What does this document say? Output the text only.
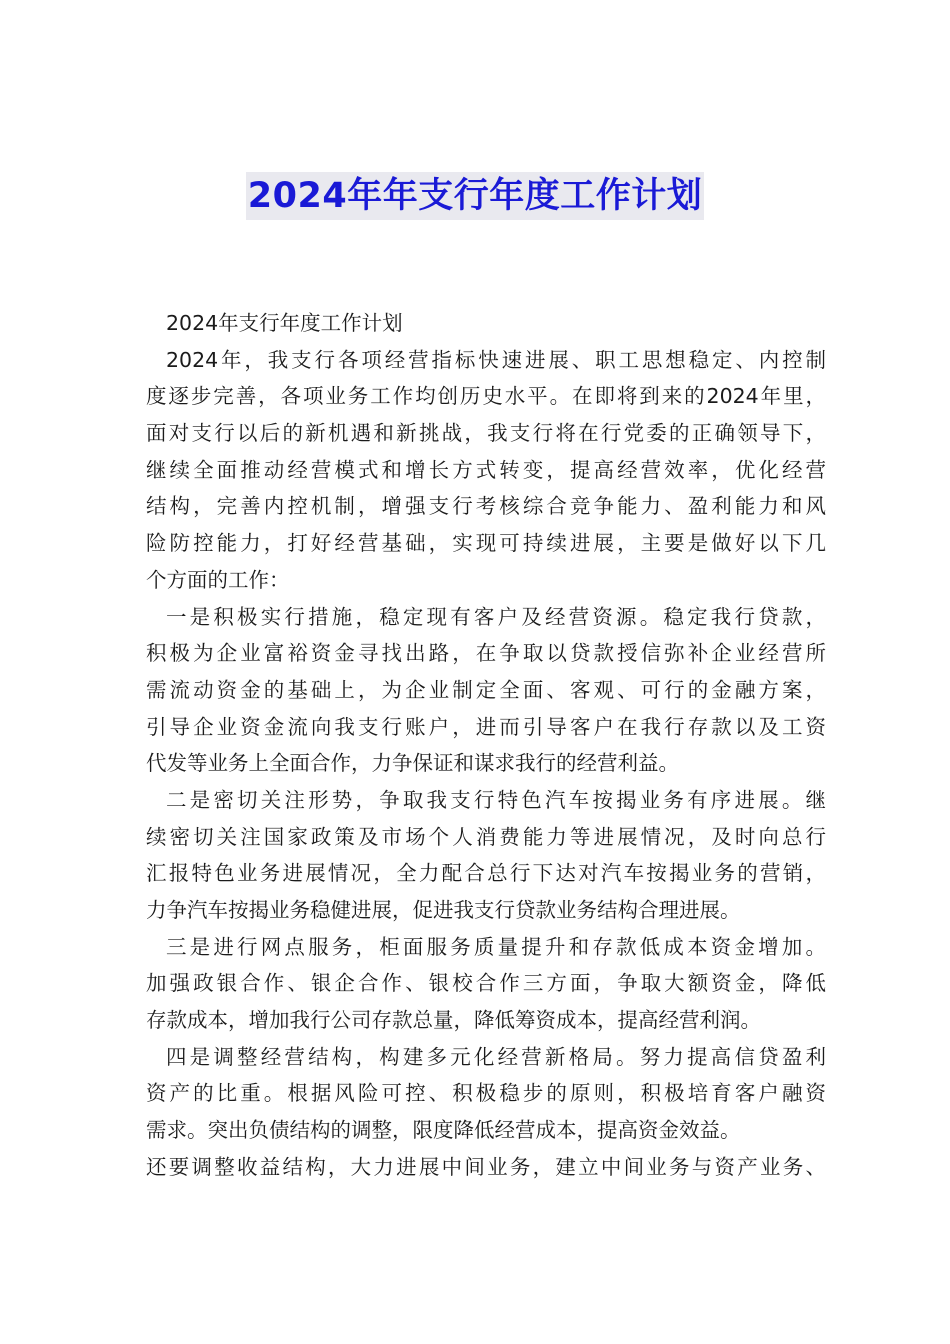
2024年年支行年度工作计划
2024年支行年度工作计划
2024年，我支行各项经营指标快速进展、职工思想稳定、内控制
度逐步完善，各项业务工作均创历史水平。在即将到来的2024年里，
面对支行以后的新机遇和新挑战，我支行将在行党委的正确领导下，
继续全面推动经营模式和增长方式转变，提高经营效率，优化经营
结构，完善内控机制，增强支行考核综合竞争能力、盈利能力和风
险防控能力，打好经营基础，实现可持续进展，主要是做好以下几
个方面的工作：
一是积极实行措施，稳定现有客户及经营资源。稳定我行贷款，
积极为企业富裕资金寻找出路，在争取以贷款授信弥补企业经营所
需流动资金的基础上，为企业制定全面、客观、可行的金融方案，
引导企业资金流向我支行账户，进而引导客户在我行存款以及工资
代发等业务上全面合作，力争保证和谋求我行的经营利益。
二是密切关注形势，争取我支行特色汽车按揭业务有序进展。继
续密切关注国家政策及市场个人消费能力等进展情况，及时向总行
汇报特色业务进展情况，全力配合总行下达对汽车按揭业务的营销，
力争汽车按揭业务稳健进展，促进我支行贷款业务结构合理进展。
三是进行网点服务，柜面服务质量提升和存款低成本资金增加。
加强政银合作、银企合作、银校合作三方面，争取大额资金，降低
存款成本，增加我行公司存款总量，降低筹资成本，提高经营利润。
四是调整经营结构，构建多元化经营新格局。努力提高信贷盈利
资产的比重。根据风险可控、积极稳步的原则，积极培育客户融资
需求。突出负债结构的调整，限度降低经营成本，提高资金效益。
还要调整收益结构，大力进展中间业务，建立中间业务与资产业务、
